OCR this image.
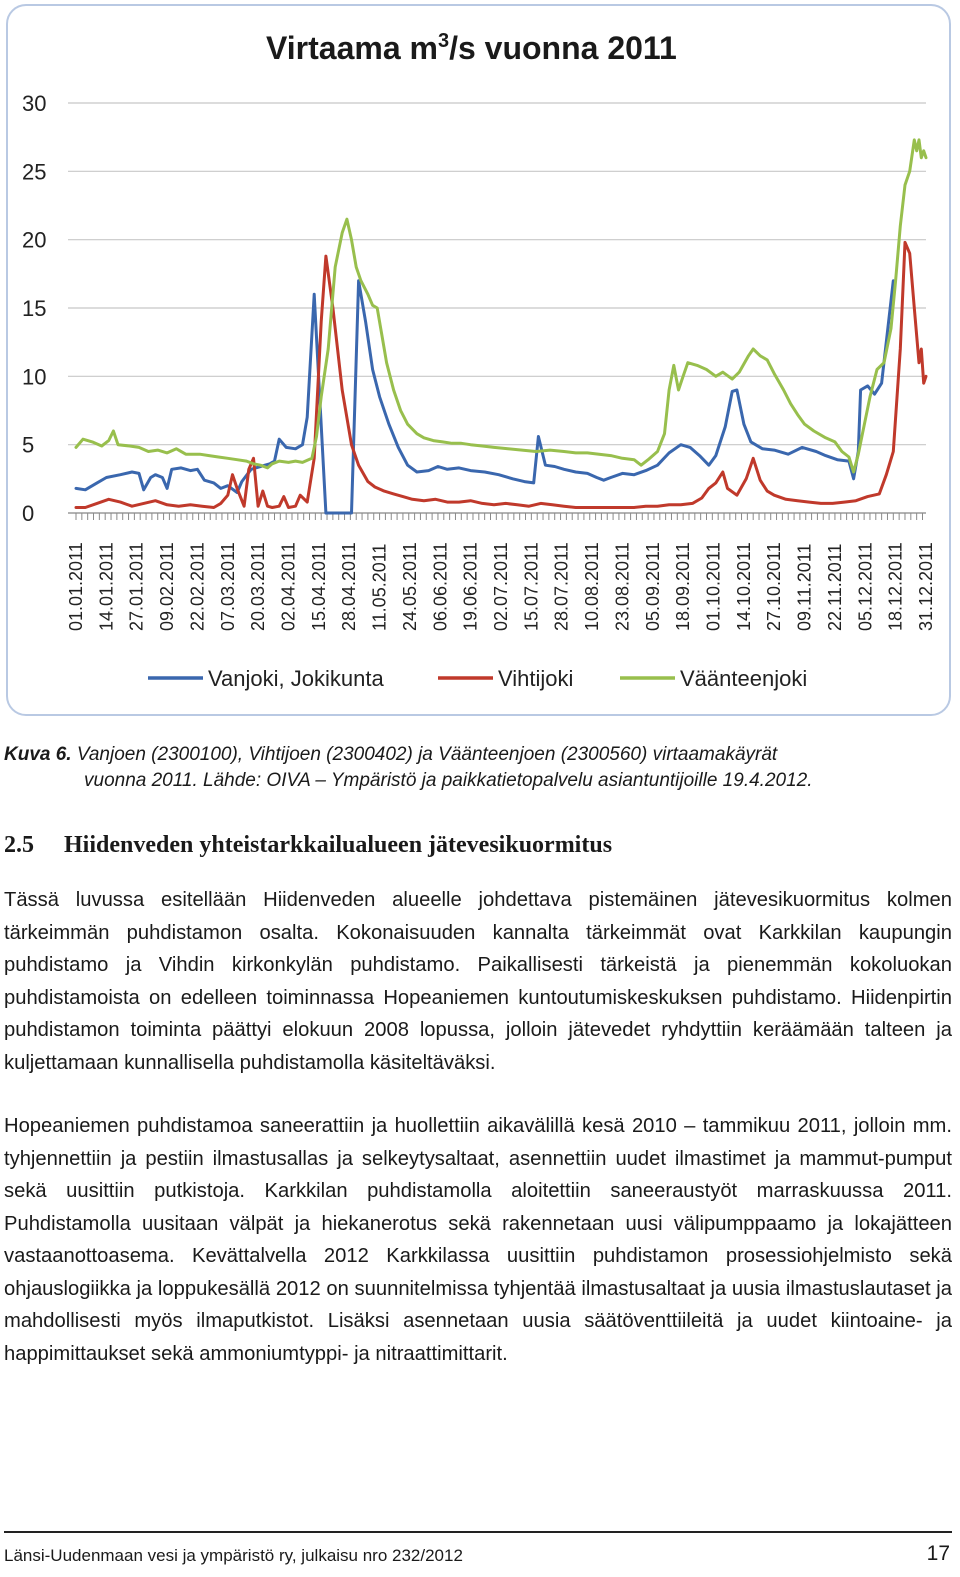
Virtaama $m^3/s$ vuonna 2011
0
5
10
15
20
25
30
01.01.2011 14.01.2011 27.01.2011 09.02.2011 22.02.2011 07.03.2011 20.03.2011 02.04.2011 15.04.2011 28.04.2011 11.05.2011 24.05.2011 06.06.2011 19.06.2011 02.07.2011 15.07.2011 28.07.2011 10.08.2011 23.08.2011 05.09.2011 18.09.2011 01.10.2011 14.10.2011 27.10.2011 09.11.2011 22.11.2011 05.12.2011 18.12.2011 31.12.2011
Vanjoki, Jokikunta	Vihtijoki	Väänteenjoki
Kuva 6. Vanjoen (2300100), Vihtijoen (2300402) ja Väänteenjoen (2300560) virtaamakäyrät
vuonna 2011. Lähde: OIVA – Ympäristö ja paikkatietopalvelu asiantuntijoille 19.4.2012.
2.5 Hiidenveden yhteistarkkailualueen jätevesikuormitus

Tässä luvussa esitellään Hiidenveden alueelle johdettava pistemäinen jätevesikuormitus kolmen tärkeimmän puhdistamon osalta. Kokonaisuuden kannalta tärkeimmät ovat Karkkilan kaupungin puhdistamo ja Vihdin kirkonkylän puhdistamo. Paikallisesti tärkeistä ja pienemmän kokoluokan puhdistamoista on edelleen toiminnassa Hopeaniemen kuntoutumiskeskuksen puhdistamo. Hiidenpirtin puhdistamon toiminta päättyi elokuun 2008 lopussa, jolloin jätevedet ryhdyttiin keräämään talteen ja kuljettamaan kunnallisella puhdistamolla käsiteltäväksi.

Hopeaniemen puhdistamoa saneerattiin ja huollettiin aikavälillä kesä 2010 – tammikuu 2011, jolloin mm. tyhjennettiin ja pestiin ilmastusallas ja selkeytysaltaat, asennettiin uudet ilmastimet ja mammut-pumput sekä uusittiin putkistoja. Karkkilan puhdistamolla aloitettiin saneeraustyöt marraskuussa 2011. Puhdistamolla uusitaan välpät ja hiekanerotus sekä rakennetaan uusi välipumppaamo ja lokajätteen vastaanottoasema. Kevättalvella 2012 Karkkilassa uusittiin puhdistamon prosessiohjelmisto sekä ohjauslogiikka ja loppukesällä 2012 on suunnitelmissa tyhjentää ilmastusaltaat ja uusia ilmastuslautaset ja mahdollisesti myös ilmaputkistot. Lisäksi asennetaan uusia säätöventtiileitä ja uudet kiintoaine- ja happimittaukset sekä ammoniumtyppi- ja nitraattimittarit.

Länsi-Uudenmaan vesi ja ympäristö ry, julkaisu nro 232/2012	17
